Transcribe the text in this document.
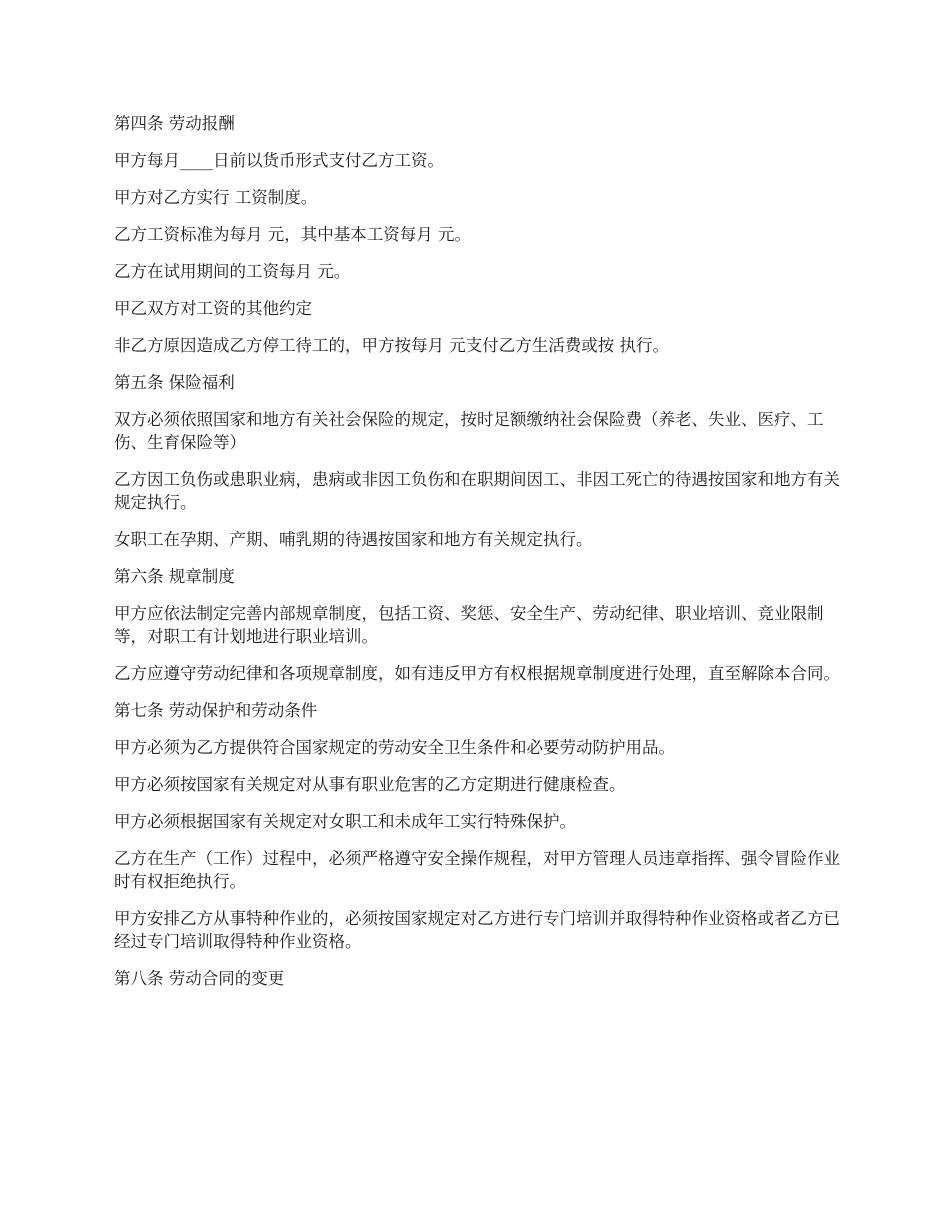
第四条 劳动报酬

甲方每月____日前以货币形式支付乙方工资。

甲方对乙方实行 工资制度。

乙方工资标准为每月 元，其中基本工资每月 元。

乙方在试用期间的工资每月 元。

甲乙双方对工资的其他约定

非乙方原因造成乙方停工待工的，甲方按每月 元支付乙方生活费或按 执行。

第五条 保险福利

双方必须依照国家和地方有关社会保险的规定，按时足额缴纳社会保险费（养老、失业、医疗、工伤、生育保险等）

乙方因工负伤或患职业病，患病或非因工负伤和在职期间因工、非因工死亡的待遇按国家和地方有关规定执行。

女职工在孕期、产期、哺乳期的待遇按国家和地方有关规定执行。

第六条 规章制度

甲方应依法制定完善内部规章制度，包括工资、奖惩、安全生产、劳动纪律、职业培训、竞业限制等，对职工有计划地进行职业培训。

乙方应遵守劳动纪律和各项规章制度，如有违反甲方有权根据规章制度进行处理，直至解除本合同。

第七条 劳动保护和劳动条件

甲方必须为乙方提供符合国家规定的劳动安全卫生条件和必要劳动防护用品。

甲方必须按国家有关规定对从事有职业危害的乙方定期进行健康检查。

甲方必须根据国家有关规定对女职工和未成年工实行特殊保护。

乙方在生产（工作）过程中，必须严格遵守安全操作规程，对甲方管理人员违章指挥、强令冒险作业时有权拒绝执行。

甲方安排乙方从事特种作业的，必须按国家规定对乙方进行专门培训并取得特种作业资格或者乙方已经过专门培训取得特种作业资格。

第八条 劳动合同的变更
